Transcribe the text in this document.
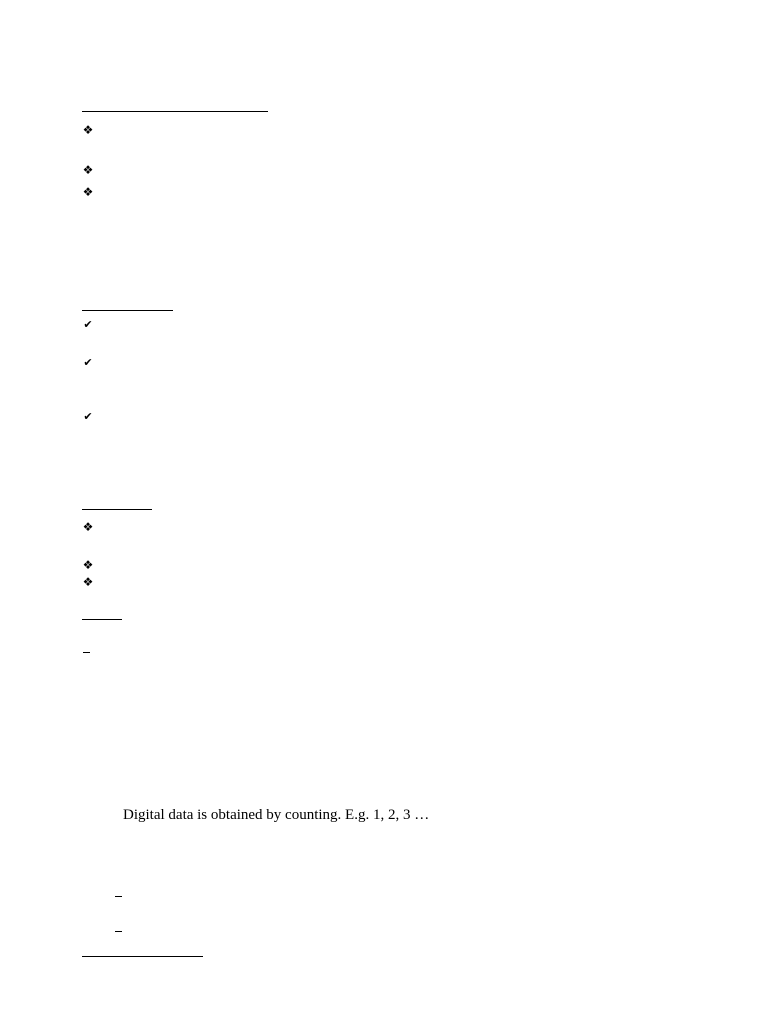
❖
❖
❖
✔
✔
✔
❖
❖
❖
Digital data is obtained by counting. E.g. 1, 2, 3 …
